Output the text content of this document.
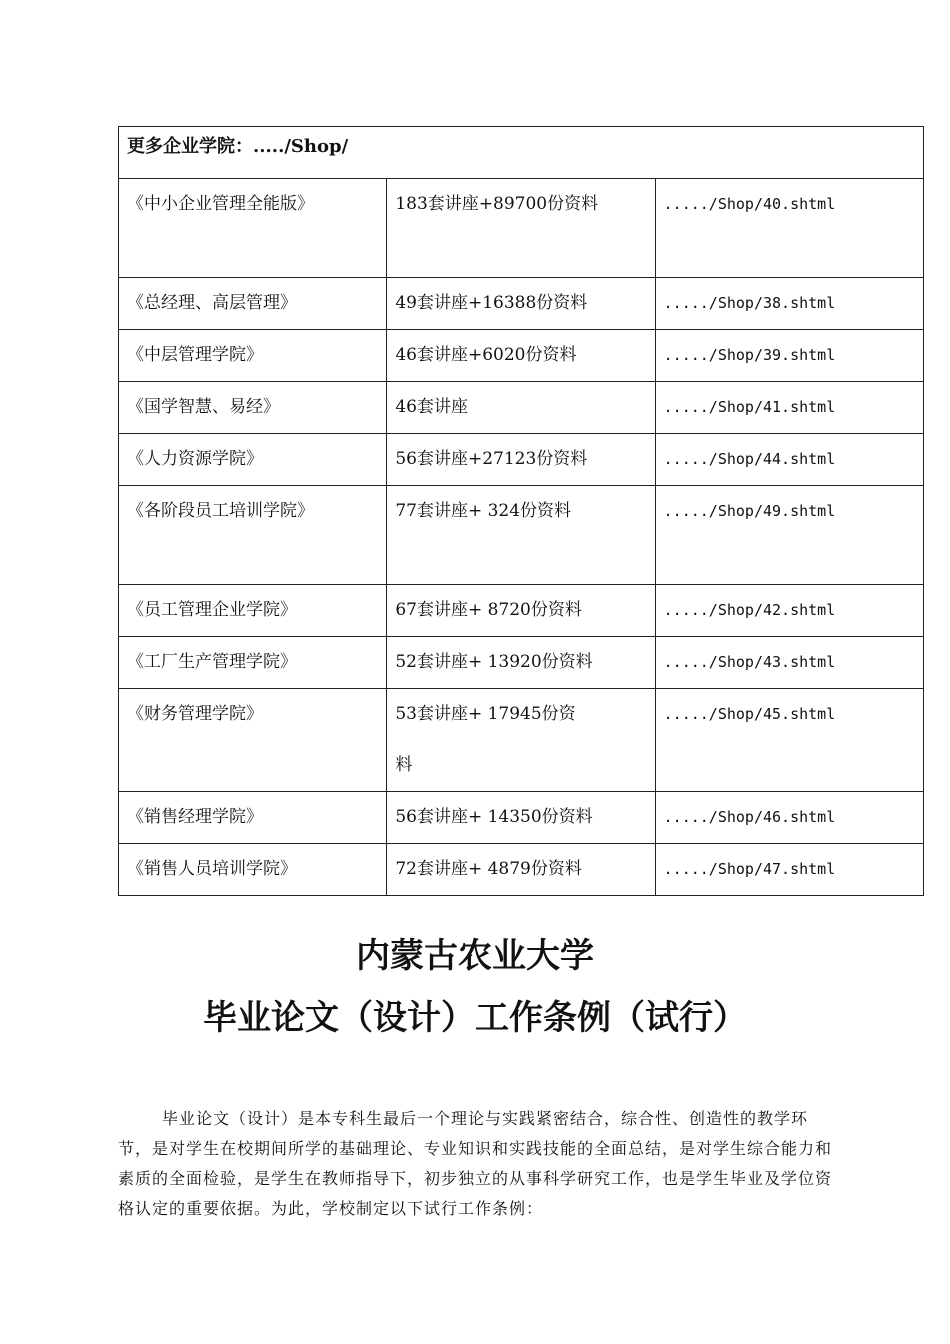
更多企业学院：...../Shop/		

《中小企业管理全能版》	183套讲座+89700份资料	...../Shop/40.shtml

《总经理、高层管理》	49套讲座+16388份资料	...../Shop/38.shtml

《中层管理学院》	46套讲座+6020份资料	...../Shop/39.shtml

《国学智慧、易经》	46套讲座	...../Shop/41.shtml

《人力资源学院》	56套讲座+27123份资料	...../Shop/44.shtml

《各阶段员工培训学院》	77套讲座+ 324份资料	...../Shop/49.shtml

《员工管理企业学院》	67套讲座+ 8720份资料	...../Shop/42.shtml

《工厂生产管理学院》	52套讲座+ 13920份资料	...../Shop/43.shtml

《财务管理学院》	53套讲座+ 17945份资料	...../Shop/45.shtml

《销售经理学院》	56套讲座+ 14350份资料	...../Shop/46.shtml

《销售人员培训学院》	72套讲座+ 4879份资料	...../Shop/47.shtml
内蒙古农业大学
毕业论文（设计）工作条例（试行）

毕业论文（设计）是本专科生最后一个理论与实践紧密结合，综合性、创造性的教学环节，是对学生在校期间所学的基础理论、专业知识和实践技能的全面总结，是对学生综合能力和素质的全面检验，是学生在教师指导下，初步独立的从事科学研究工作，也是学生毕业及学位资格认定的重要依据。为此，学校制定以下试行工作条例：
